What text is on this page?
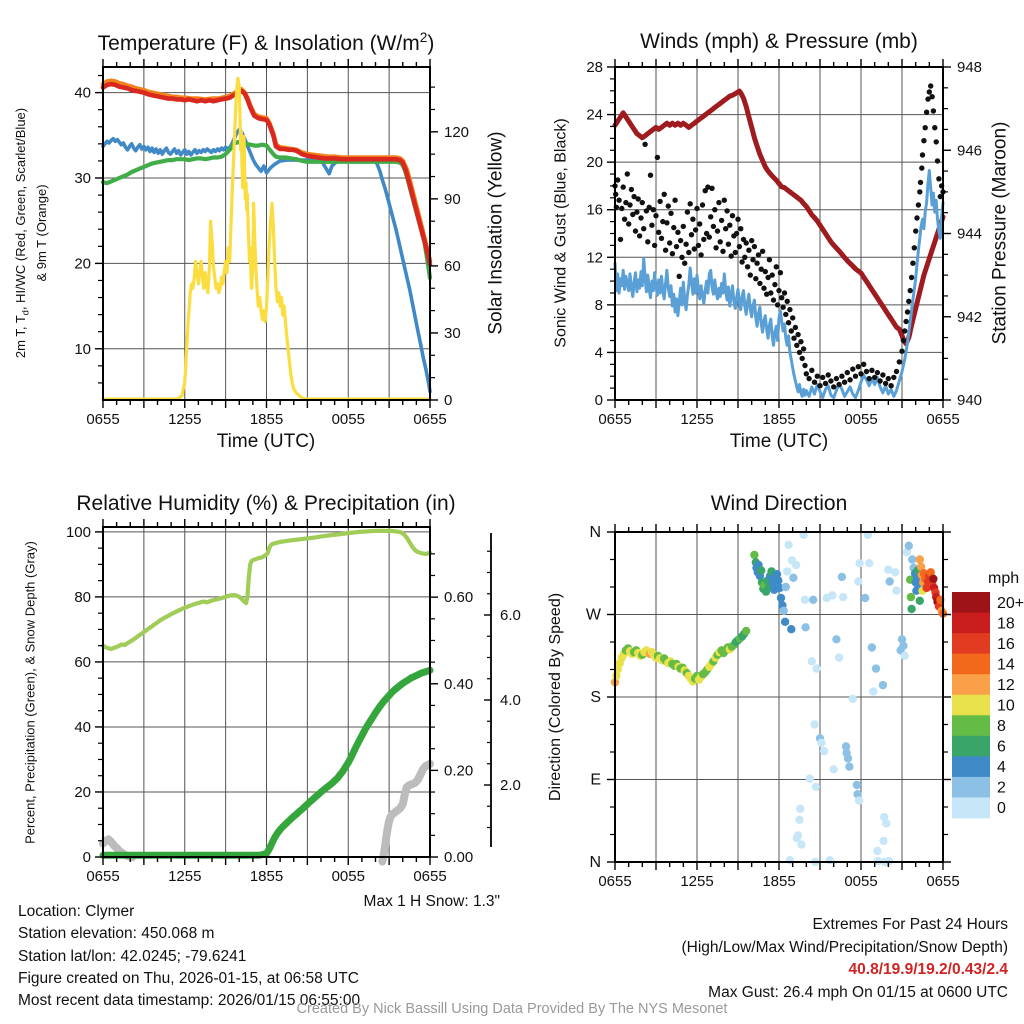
0655	1255	1855	0055	0655
10
20
30
40
0
30
60
90
120
0655	1255	1855	0055	0655
0
4
8
12
16
20
24
28
940
942
944
946
948
0655	1255	1855	0055	0655
0
20
40
60
80
100
0.00
0.20
0.40
0.60
2.0
4.0
6.0
0655	1255	1855	0055	0655
N
E
S
W
N
20+
18
16
14
12
10
8
6
4
2
0
Temperature (F) & Insolation $(W/m^2)$	Winds (mph) & Pressure (mb)
Relative Humidity (%) & Precipitation (in)	Wind Direction
Time (UTC)	Time (UTC)
2m T, $T_d$, HI/WC (Red, Green, Scarlet/Blue) & 9m T (Orange)	Solar Insolation (Yellow)	Sonic Wind & Gust (Blue, Black)	Station Pressure (Maroon)
Percent, Precipitation (Green), & Snow Depth (Gray)	Direction (Colored By Speed)
mph
Max 1 H Snow: 1.3"
Location: Clymer
Station elevation: 450.068 m
Station lat/lon: 42.0245; -79.6241
Figure created on Thu, 2026-01-15, at 06:58 UTC
Most recent data timestamp: 2026/01/15 06:55:00
Extremes For Past 24 Hours
(High/Low/Max Wind/Precipitation/Snow Depth)
40.8/19.9/19.2/0.43/2.4
Max Gust: 26.4 mph On 01/15 at 0600 UTC
Created By Nick Bassill Using Data Provided By The NYS Mesonet
